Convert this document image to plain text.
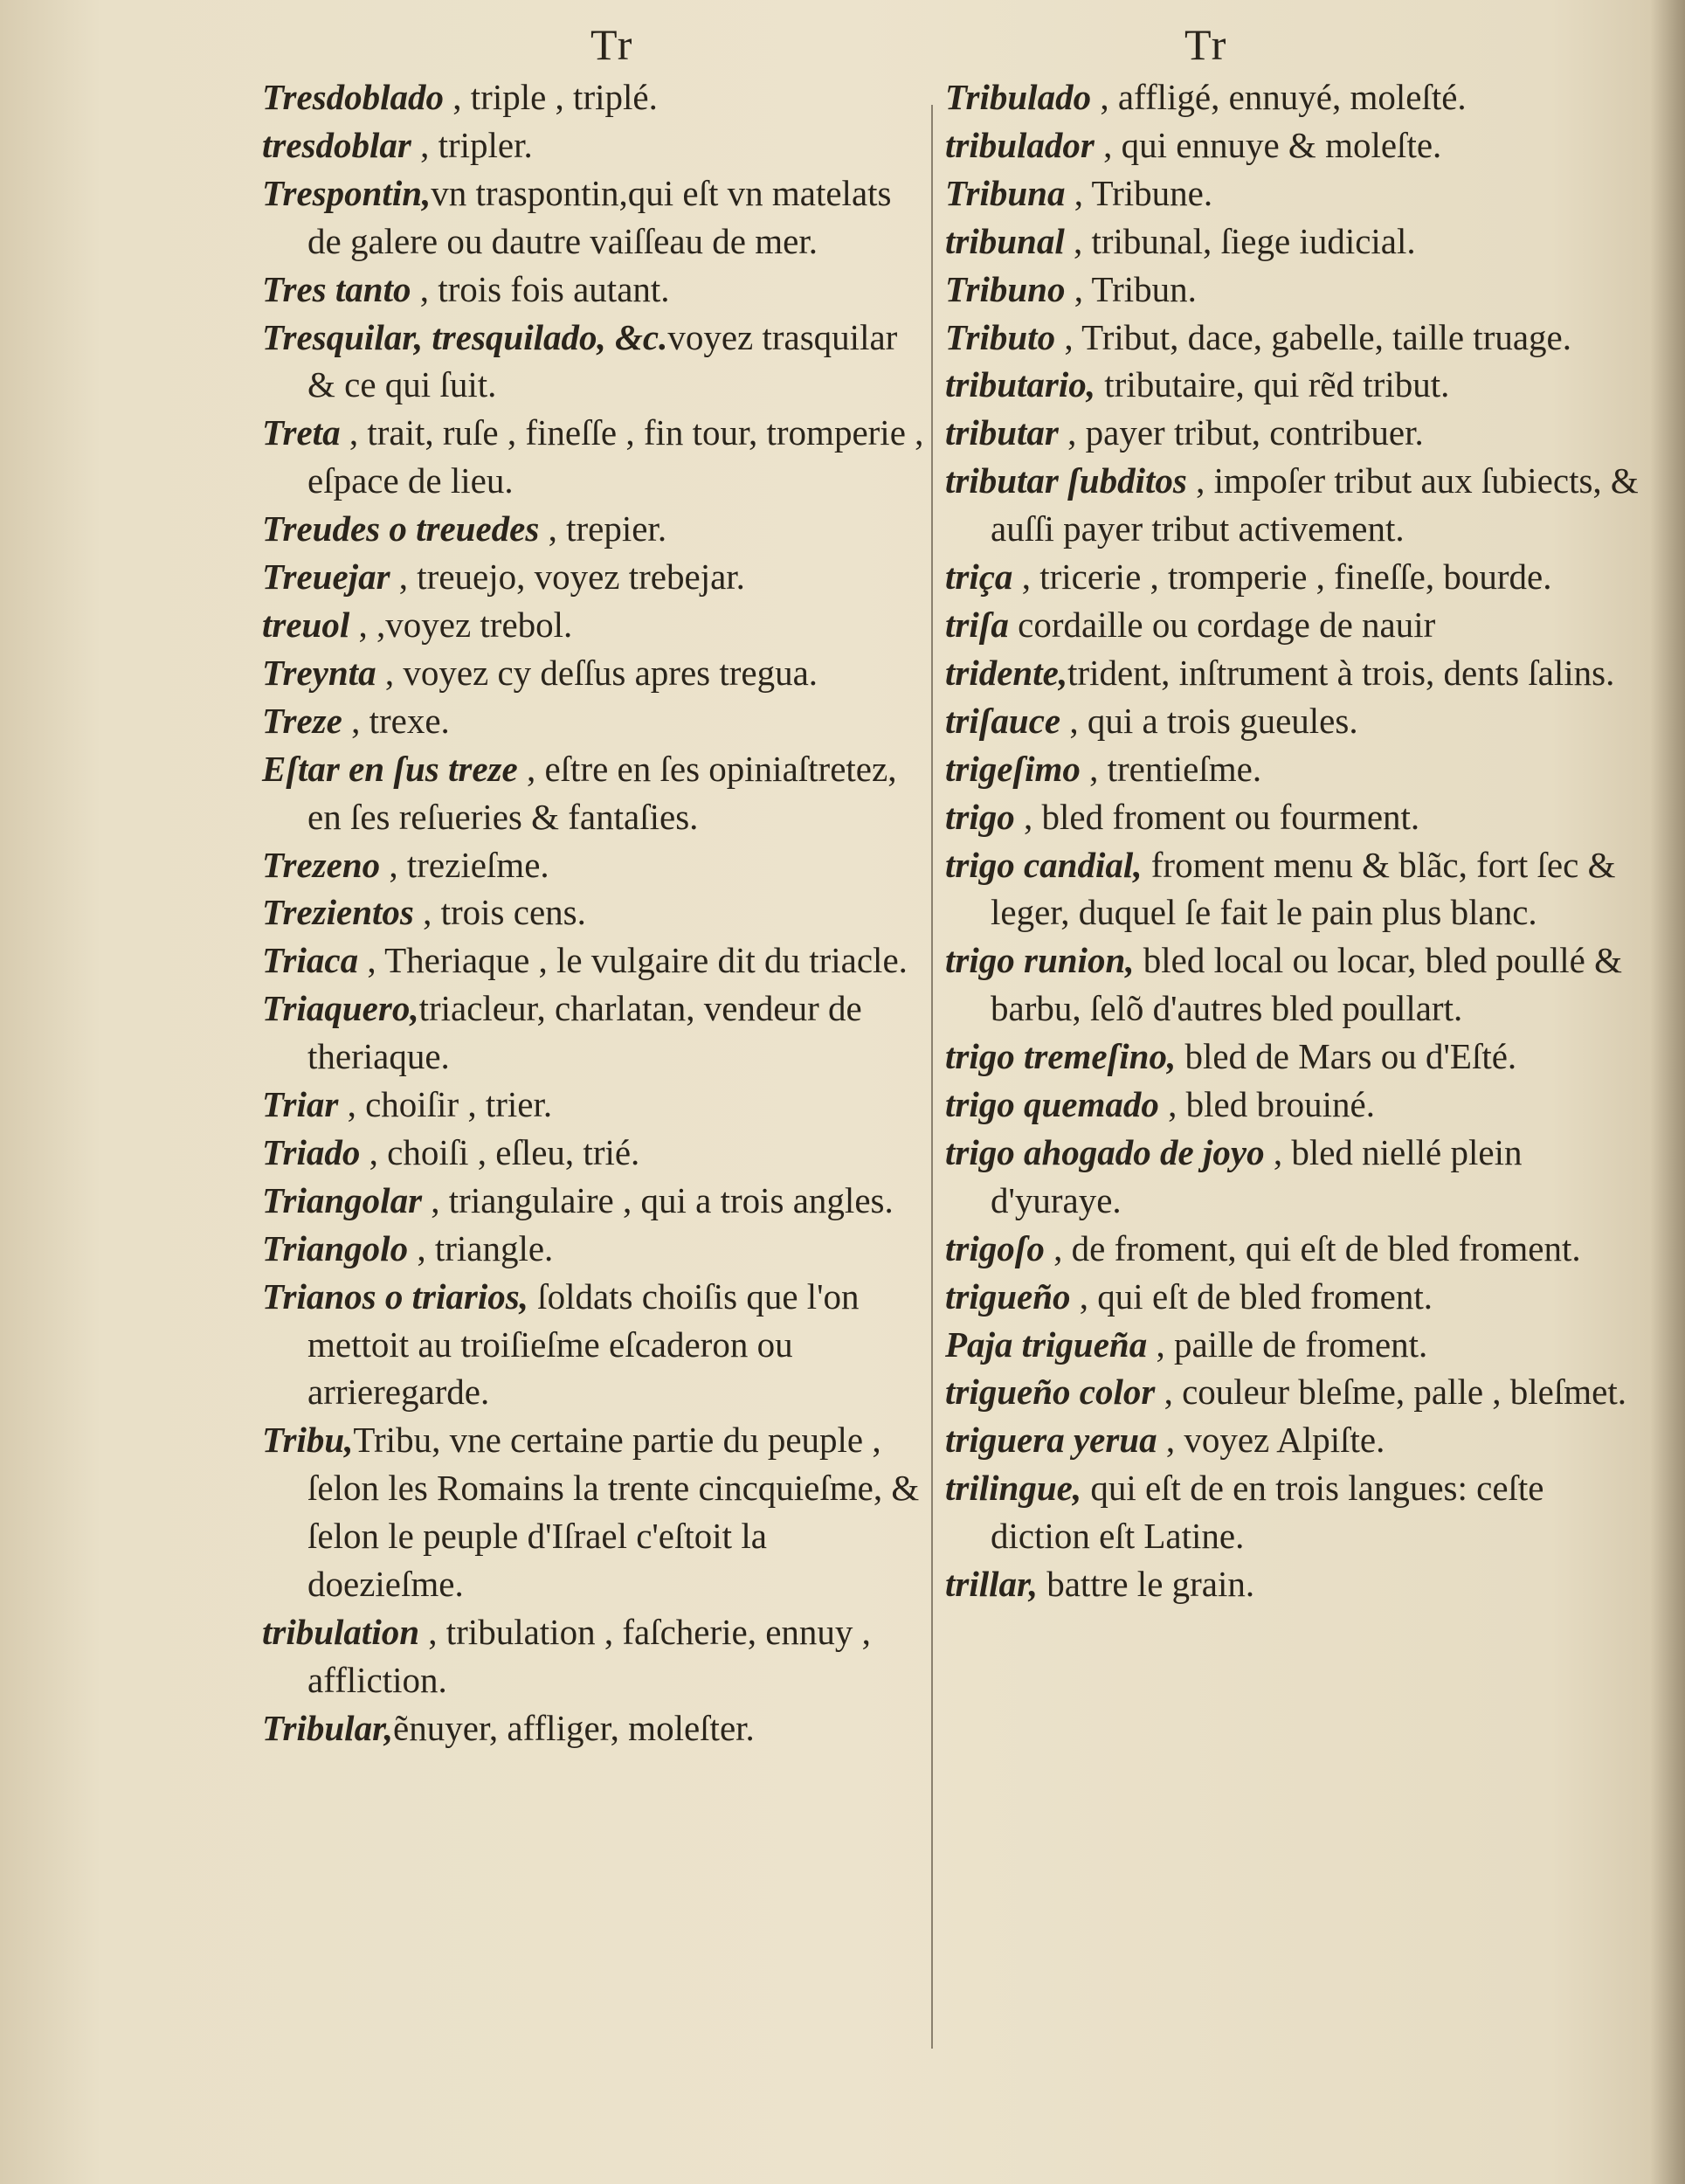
Tr	Tr
Tresdoblado , triple , triplé.
tresdoblar , tripler.
Trespontin,vn traspontin,qui eſt vn matelats de galere ou dautre vaiſſeau de mer.
Tres tanto , trois fois autant.
Tresquilar, tresquilado, &c.voyez trasquilar & ce qui ſuit.
Treta , trait, ruſe , fineſſe , fin tour, tromperie , eſpace de lieu.
Treudes o treuedes , trepier.
Treuejar , treuejo, voyez trebejar.
treuol , ,voyez trebol.
Treynta , voyez cy deſſus apres tregua.
Treze , trexe.
Eſtar en ſus treze , eſtre en ſes opiniaſtretez, en ſes reſueries & fantaſies.
Trezeno , trezieſme.
Trezientos , trois cens.
Triaca , Theriaque , le vulgaire dit du triacle.
Triaquero,triacleur, charlatan, vendeur de theriaque.
Triar , choiſir , trier.
Triado , choiſi , eſleu, trié.
Triangolar , triangulaire , qui a trois angles.
Triangolo , triangle.
Trianos o triarios, ſoldats choiſis que l'on mettoit au troiſieſme eſcaderon ou arrieregarde.
Tribu,Tribu, vne certaine partie du peuple , ſelon les Romains la trente cincquieſme, & ſelon le peuple d'Iſrael c'eſtoit la doezieſme.
tribulation , tribulation , faſcherie, ennuy , affliction.
Tribular,ẽnuyer, affliger, moleſter.
Tribulado , affligé, ennuyé, moleſté.
tribulador , qui ennuye & moleſte.
Tribuna , Tribune.
tribunal , tribunal, ſiege iudicial.
Tribuno , Tribun.
Tributo , Tribut, dace, gabelle, taille truage.
tributario, tributaire, qui rẽd tribut.
tributar , payer tribut, contribuer.
tributar ſubditos , impoſer tribut aux ſubiects, & auſſi payer tribut activement.
triça , tricerie , tromperie , fineſſe, bourde.
triſa cordaille ou cordage de nauir
tridente,trident, inſtrument à trois, dents ſalins.
triſauce , qui a trois gueules.
trigeſimo , trentieſme.
trigo , bled froment ou fourment.
trigo candial, froment menu & blãc, fort ſec & leger, duquel ſe fait le pain plus blanc.
trigo runion, bled local ou locar, bled poullé & barbu, ſelõ d'autres bled poullart.
trigo tremeſino, bled de Mars ou d'Eſté.
trigo quemado , bled brouiné.
trigo ahogado de joyo , bled niellé plein d'yuraye.
trigoſo , de froment, qui eſt de bled froment.
trigueño , qui eſt de bled froment.
Paja trigueña , paille de froment.
trigueño color , couleur bleſme, palle , bleſmet.
triguera yerua , voyez Alpiſte.
trilingue, qui eſt de en trois langues: ceſte diction eſt Latine.
trillar, battre le grain.
